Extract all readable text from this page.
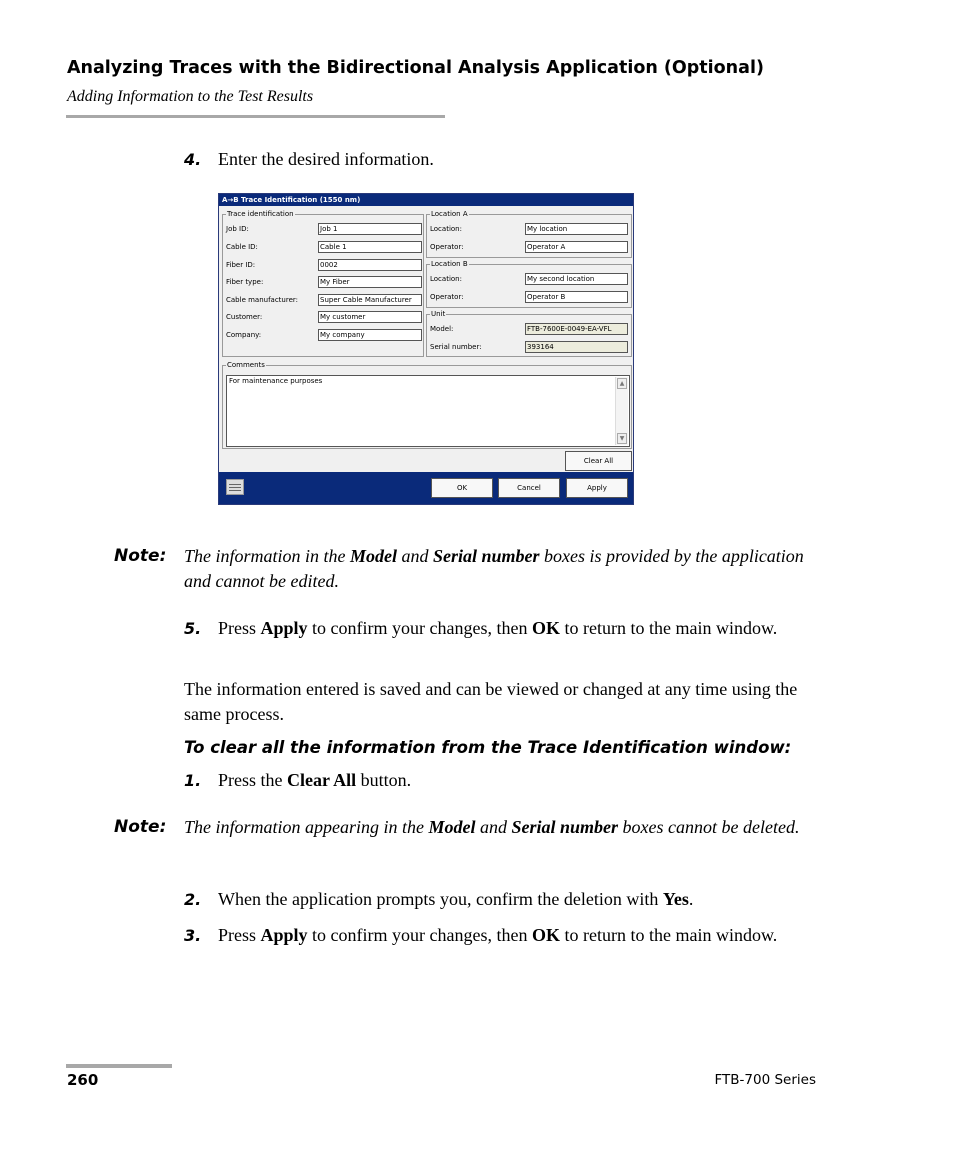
Analyzing Traces with the Bidirectional Analysis Application (Optional)
Adding Information to the Test Results
4. Enter the desired information.
A→B Trace Identification (1550 nm)
Trace identification
Job ID:	Job 1
Cable ID:	Cable 1
Fiber ID:	0002
Fiber type:	My Fiber
Cable manufacturer:	Super Cable Manufacturer
Customer:	My customer
Company:	My company
Location A
Location:	My location
Operator:	Operator A
Location B
Location:	My second location
Operator:	Operator B
Unit
Model:	FTB-7600E-0049-EA-VFL
Serial number:	393164
Comments
For maintenance purposes	▲
▼
Clear All
OK	Cancel	Apply
Note: The information in the Model and Serial number boxes is provided by the application and cannot be edited.
5. Press Apply to confirm your changes, then OK to return to the main window.
The information entered is saved and can be viewed or changed at any time using the same process.
To clear all the information from the Trace Identification window:
1. Press the Clear All button.
Note: The information appearing in the Model and Serial number boxes cannot be deleted.
2. When the application prompts you, confirm the deletion with Yes.
3. Press Apply to confirm your changes, then OK to return to the main window.
260	FTB-700 Series
